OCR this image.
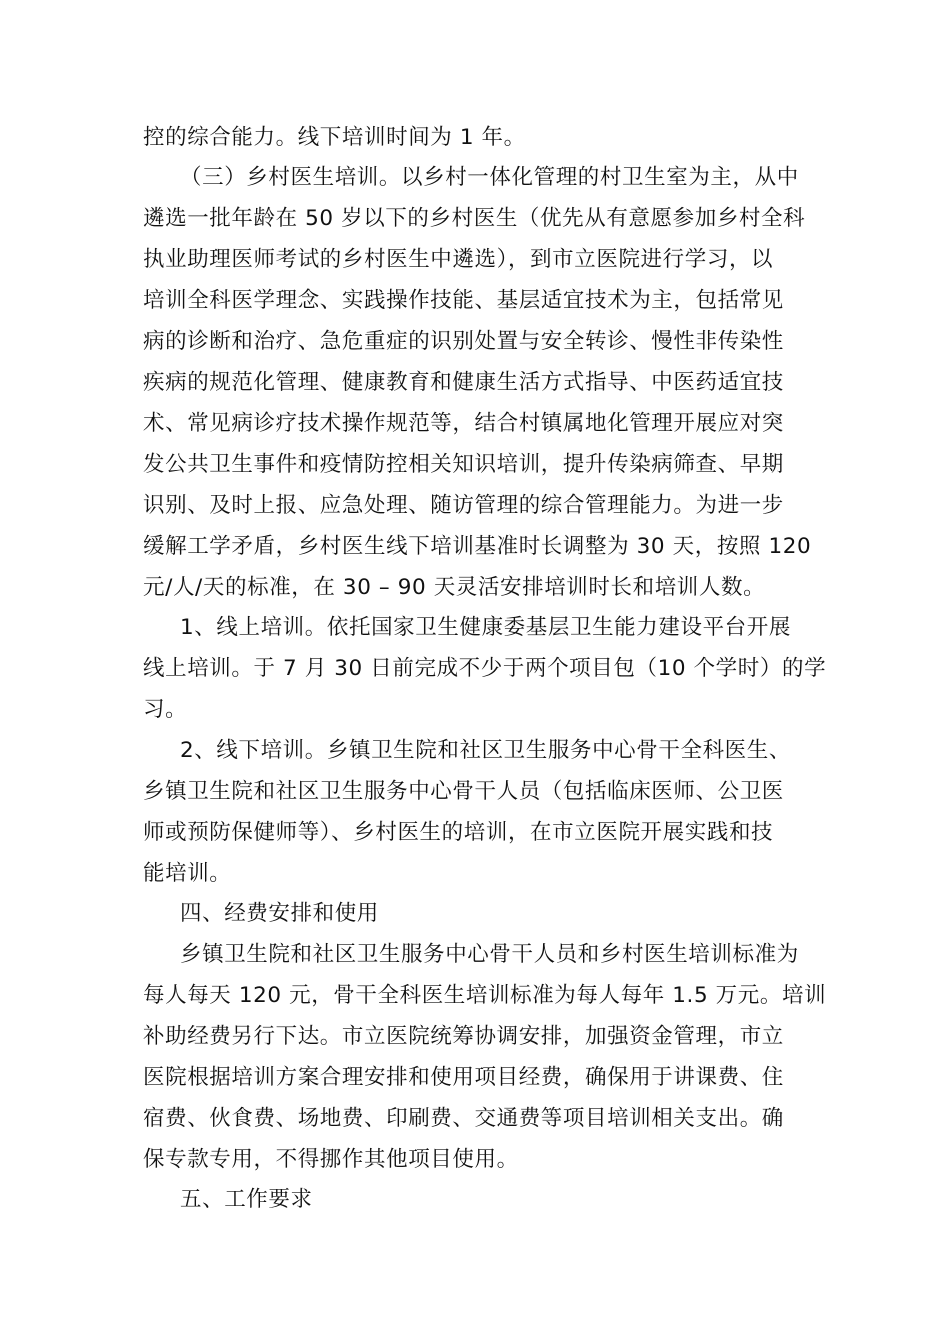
控的综合能力。线下培训时间为 1 年。
（三）乡村医生培训。以乡村一体化管理的村卫生室为主，从中
遴选一批年龄在 50 岁以下的乡村医生（优先从有意愿参加乡村全科
执业助理医师考试的乡村医生中遴选），到市立医院进行学习，以
培训全科医学理念、实践操作技能、基层适宜技术为主，包括常见
病的诊断和治疗、急危重症的识别处置与安全转诊、慢性非传染性
疾病的规范化管理、健康教育和健康生活方式指导、中医药适宜技
术、常见病诊疗技术操作规范等，结合村镇属地化管理开展应对突
发公共卫生事件和疫情防控相关知识培训，提升传染病筛查、早期
识别、及时上报、应急处理、随访管理的综合管理能力。为进一步
缓解工学矛盾，乡村医生线下培训基准时长调整为 30 天，按照 120
元/人/天的标准，在 30 – 90 天灵活安排培训时长和培训人数。
1、线上培训。依托国家卫生健康委基层卫生能力建设平台开展
线上培训。于 7 月 30 日前完成不少于两个项目包（10 个学时）的学
习。
2、线下培训。乡镇卫生院和社区卫生服务中心骨干全科医生、
乡镇卫生院和社区卫生服务中心骨干人员（包括临床医师、公卫医
师或预防保健师等）、乡村医生的培训，在市立医院开展实践和技
能培训。
四、经费安排和使用
乡镇卫生院和社区卫生服务中心骨干人员和乡村医生培训标准为
每人每天 120 元，骨干全科医生培训标准为每人每年 1.5 万元。培训
补助经费另行下达。市立医院统筹协调安排，加强资金管理，市立
医院根据培训方案合理安排和使用项目经费，确保用于讲课费、住
宿费、伙食费、场地费、印刷费、交通费等项目培训相关支出。确
保专款专用，不得挪作其他项目使用。
五、工作要求
